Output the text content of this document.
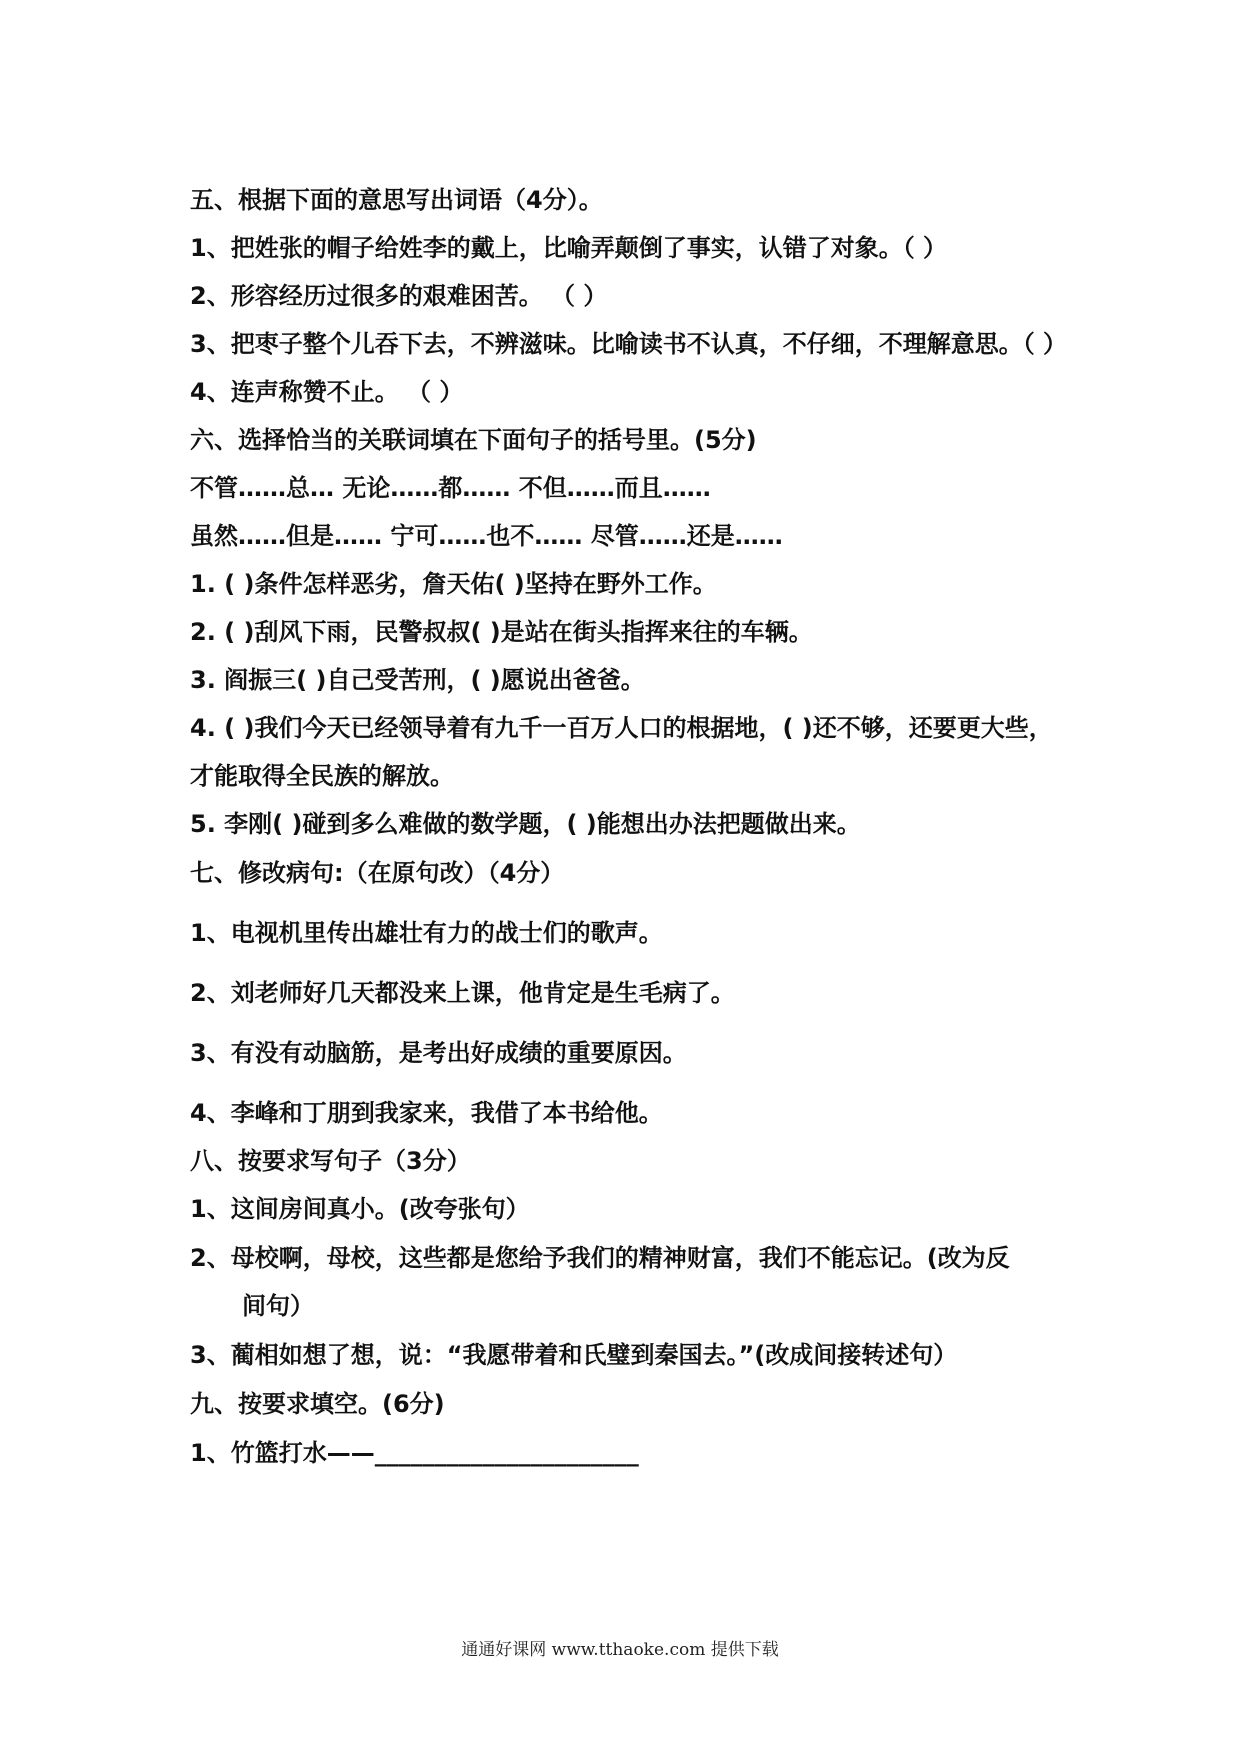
五、根据下面的意思写出词语（4分）。
1、把姓张的帽子给姓李的戴上，比喻弄颠倒了事实，认错了对象。（ ）
2、形容经历过很多的艰难困苦。 （ ）
3、把枣子整个儿吞下去，不辨滋味。比喻读书不认真，不仔细，不理解意思。（ ）
4、连声称赞不止。 （ ）
六、选择恰当的关联词填在下面句子的括号里。(5分)
不管……总… 无论……都…… 不但……而且……
虽然……但是…… 宁可……也不…… 尽管……还是……
1. ( )条件怎样恶劣，詹天佑( )坚持在野外工作。
2. ( )刮风下雨，民警叔叔( )是站在街头指挥来往的车辆。
3. 阎振三( )自己受苦刑，( )愿说出爸爸。
4. ( )我们今天已经领导着有九千一百万人口的根据地，( )还不够，还要更大些，
才能取得全民族的解放。
5. 李刚( )碰到多么难做的数学题，( )能想出办法把题做出来。
七、修改病句:（在原句改）（4分）
1、电视机里传出雄壮有力的战士们的歌声。
2、刘老师好几天都没来上课，他肯定是生毛病了。
3、有没有动脑筋，是考出好成绩的重要原因。
4、李峰和丁朋到我家来，我借了本书给他。
八、按要求写句子（3分）
1、这间房间真小。(改夸张句）
2、母校啊，母校，这些都是您给予我们的精神财富，我们不能忘记。(改为反
间句）
3、蔺相如想了想，说：“我愿带着和氏璧到秦国去。”(改成间接转述句）
九、按要求填空。(6分)
1、竹篮打水——______________________
通通好课网 www.tthaoke.com 提供下载
